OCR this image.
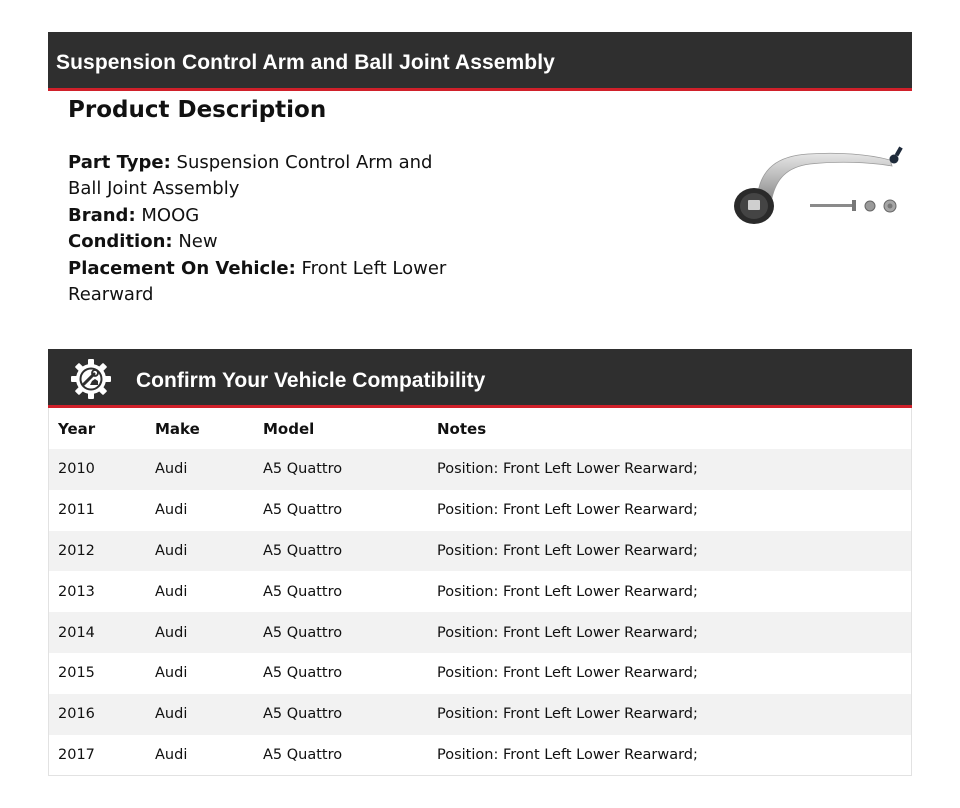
Suspension Control Arm and Ball Joint Assembly
Product Description
Part Type: Suspension Control Arm and Ball Joint Assembly
Brand: MOOG
Condition: New
Placement On Vehicle: Front Left Lower Rearward
Confirm Your Vehicle Compatibility
Year	Make	Model	Notes
2010	Audi	A5 Quattro	Position: Front Left Lower Rearward;
2011	Audi	A5 Quattro	Position: Front Left Lower Rearward;
2012	Audi	A5 Quattro	Position: Front Left Lower Rearward;
2013	Audi	A5 Quattro	Position: Front Left Lower Rearward;
2014	Audi	A5 Quattro	Position: Front Left Lower Rearward;
2015	Audi	A5 Quattro	Position: Front Left Lower Rearward;
2016	Audi	A5 Quattro	Position: Front Left Lower Rearward;
2017	Audi	A5 Quattro	Position: Front Left Lower Rearward;
